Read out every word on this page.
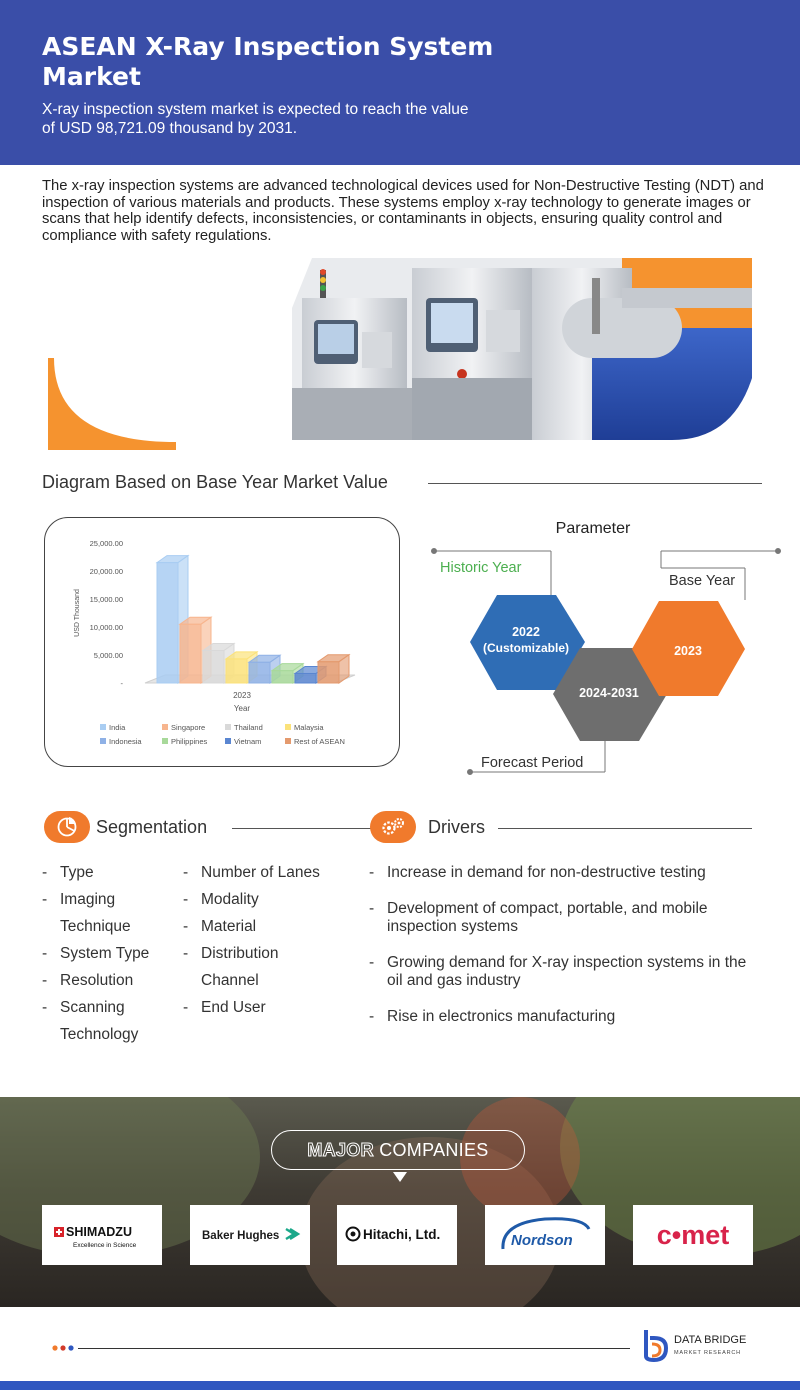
ASEAN X-Ray Inspection System Market
X-ray inspection system market is expected to reach the value of USD 98,721.09 thousand by 2031.
The x-ray inspection systems are advanced technological devices used for Non-Destructive Testing (NDT) and inspection of various materials and products. These systems employ x-ray technology to generate images or scans that help identify defects, inconsistencies, or contaminants in objects, ensuring quality control and compliance with safety regulations.
Diagram Based on Base Year Market Value
25,000.00
20,000.00
15,000.00
10,000.00
5,000.00
-
USD Thousand
2023
Year
India	Singapore	Thailand	Malaysia
Indonesia	Philippines	Vietnam	Rest of ASEAN
Parameter
Historic Year
Base Year
Forecast Period
2022
(Customizable)
2024-2031
2023
Segmentation
- Type
- Imaging
Technique
- System Type
- Resolution
- Scanning
Technology
- Number of Lanes
- Modality
- Material
- Distribution
Channel
- End User
Drivers
- Increase in demand for non-destructive testing
- Development of compact, portable, and mobile inspection systems
- Growing demand for X-ray inspection systems in the oil and gas industry
- Rise in electronics manufacturing
MAJOR COMPANIES
SHIMADZU
Excellence in Science
Baker Hughes	Hitachi, Ltd.	Nordson	c•met
DATA BRIDGE
MARKET RESEARCH
